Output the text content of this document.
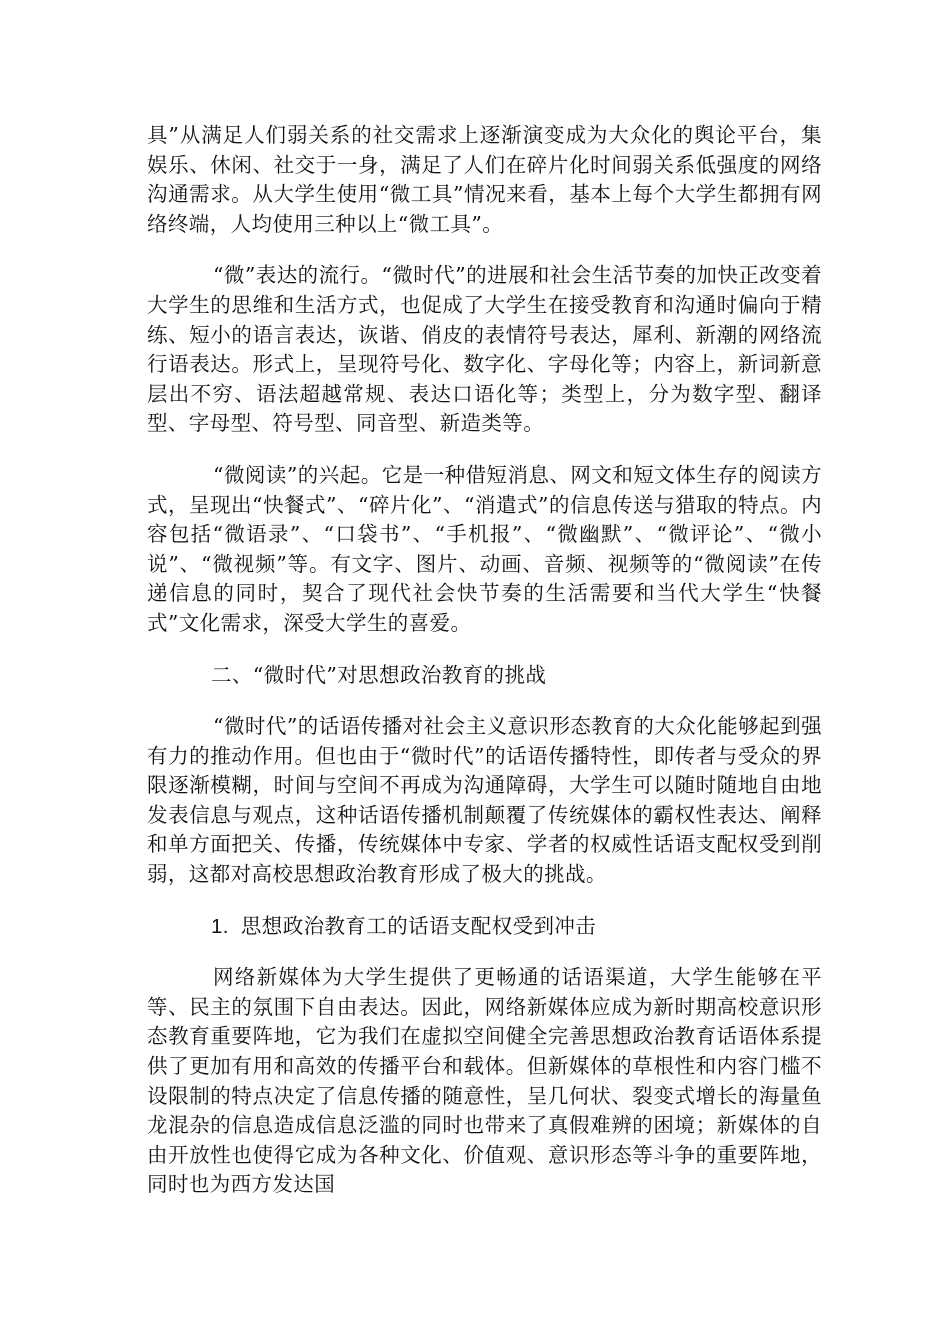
具”从满足人们弱关系的社交需求上逐渐演变成为大众化的舆论平台，集娱乐、休闲、社交于一身，满足了人们在碎片化时间弱关系低强度的网络沟通需求。从大学生使用“微工具”情况来看，基本上每个大学生都拥有网络终端，人均使用三种以上“微工具”。

“微”表达的流行。“微时代”的进展和社会生活节奏的加快正改变着大学生的思维和生活方式，也促成了大学生在接受教育和沟通时偏向于精练、短小的语言表达，诙谐、俏皮的表情符号表达，犀利、新潮的网络流行语表达。形式上，呈现符号化、数字化、字母化等；内容上，新词新意层出不穷、语法超越常规、表达口语化等；类型上，分为数字型、翻译型、字母型、符号型、同音型、新造类等。

“微阅读”的兴起。它是一种借短消息、网文和短文体生存的阅读方式，呈现出“快餐式”、“碎片化”、“消遣式”的信息传送与猎取的特点。内容包括“微语录”、“口袋书”、“手机报”、“微幽默”、“微评论”、“微小说”、“微视频”等。有文字、图片、动画、音频、视频等的“微阅读”在传递信息的同时，契合了现代社会快节奏的生活需要和当代大学生“快餐式”文化需求，深受大学生的喜爱。

二、“微时代”对思想政治教育的挑战

“微时代”的话语传播对社会主义意识形态教育的大众化能够起到强有力的推动作用。但也由于“微时代”的话语传播特性，即传者与受众的界限逐渐模糊，时间与空间不再成为沟通障碍，大学生可以随时随地自由地发表信息与观点，这种话语传播机制颠覆了传统媒体的霸权性表达、阐释和单方面把关、传播，传统媒体中专家、学者的权威性话语支配权受到削弱，这都对高校思想政治教育形成了极大的挑战。

1. 思想政治教育工的话语支配权受到冲击

网络新媒体为大学生提供了更畅通的话语渠道，大学生能够在平等、民主的氛围下自由表达。因此，网络新媒体应成为新时期高校意识形态教育重要阵地，它为我们在虚拟空间健全完善思想政治教育话语体系提供了更加有用和高效的传播平台和载体。但新媒体的草根性和内容门槛不设限制的特点决定了信息传播的随意性，呈几何状、裂变式增长的海量鱼龙混杂的信息造成信息泛滥的同时也带来了真假难辨的困境；新媒体的自由开放性也使得它成为各种文化、价值观、意识形态等斗争的重要阵地，同时也为西方发达国
